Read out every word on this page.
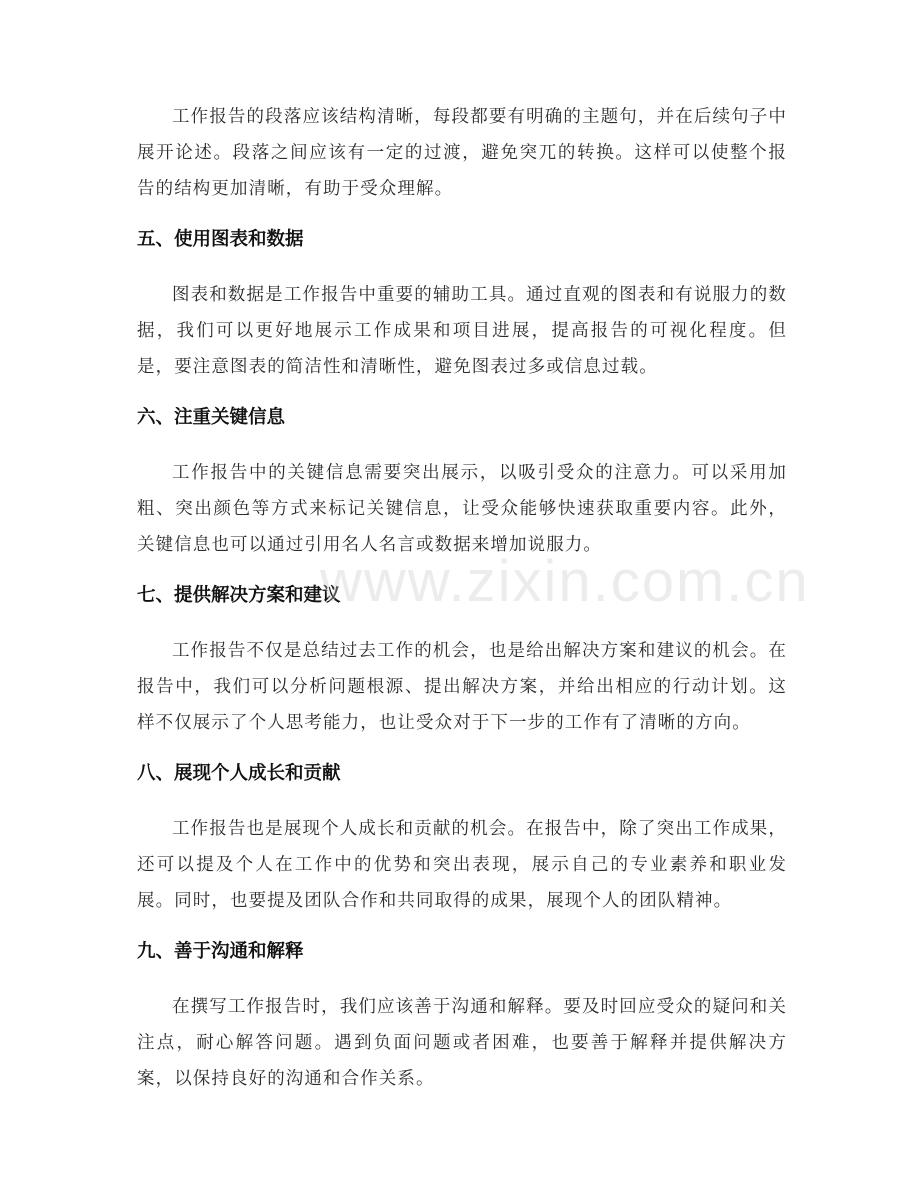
工作报告的段落应该结构清晰，每段都要有明确的主题句，并在后续句子中展开论述。段落之间应该有一定的过渡，避免突兀的转换。这样可以使整个报告的结构更加清晰，有助于受众理解。

五、使用图表和数据

图表和数据是工作报告中重要的辅助工具。通过直观的图表和有说服力的数据，我们可以更好地展示工作成果和项目进展，提高报告的可视化程度。但是，要注意图表的简洁性和清晰性，避免图表过多或信息过载。

六、注重关键信息

工作报告中的关键信息需要突出展示，以吸引受众的注意力。可以采用加粗、突出颜色等方式来标记关键信息，让受众能够快速获取重要内容。此外，关键信息也可以通过引用名人名言或数据来增加说服力。

七、提供解决方案和建议

工作报告不仅是总结过去工作的机会，也是给出解决方案和建议的机会。在报告中，我们可以分析问题根源、提出解决方案，并给出相应的行动计划。这样不仅展示了个人思考能力，也让受众对于下一步的工作有了清晰的方向。

八、展现个人成长和贡献

工作报告也是展现个人成长和贡献的机会。在报告中，除了突出工作成果，还可以提及个人在工作中的优势和突出表现，展示自己的专业素养和职业发展。同时，也要提及团队合作和共同取得的成果，展现个人的团队精神。

九、善于沟通和解释

在撰写工作报告时，我们应该善于沟通和解释。要及时回应受众的疑问和关注点，耐心解答问题。遇到负面问题或者困难，也要善于解释并提供解决方案，以保持良好的沟通和合作关系。

www.zixin.com.cn
